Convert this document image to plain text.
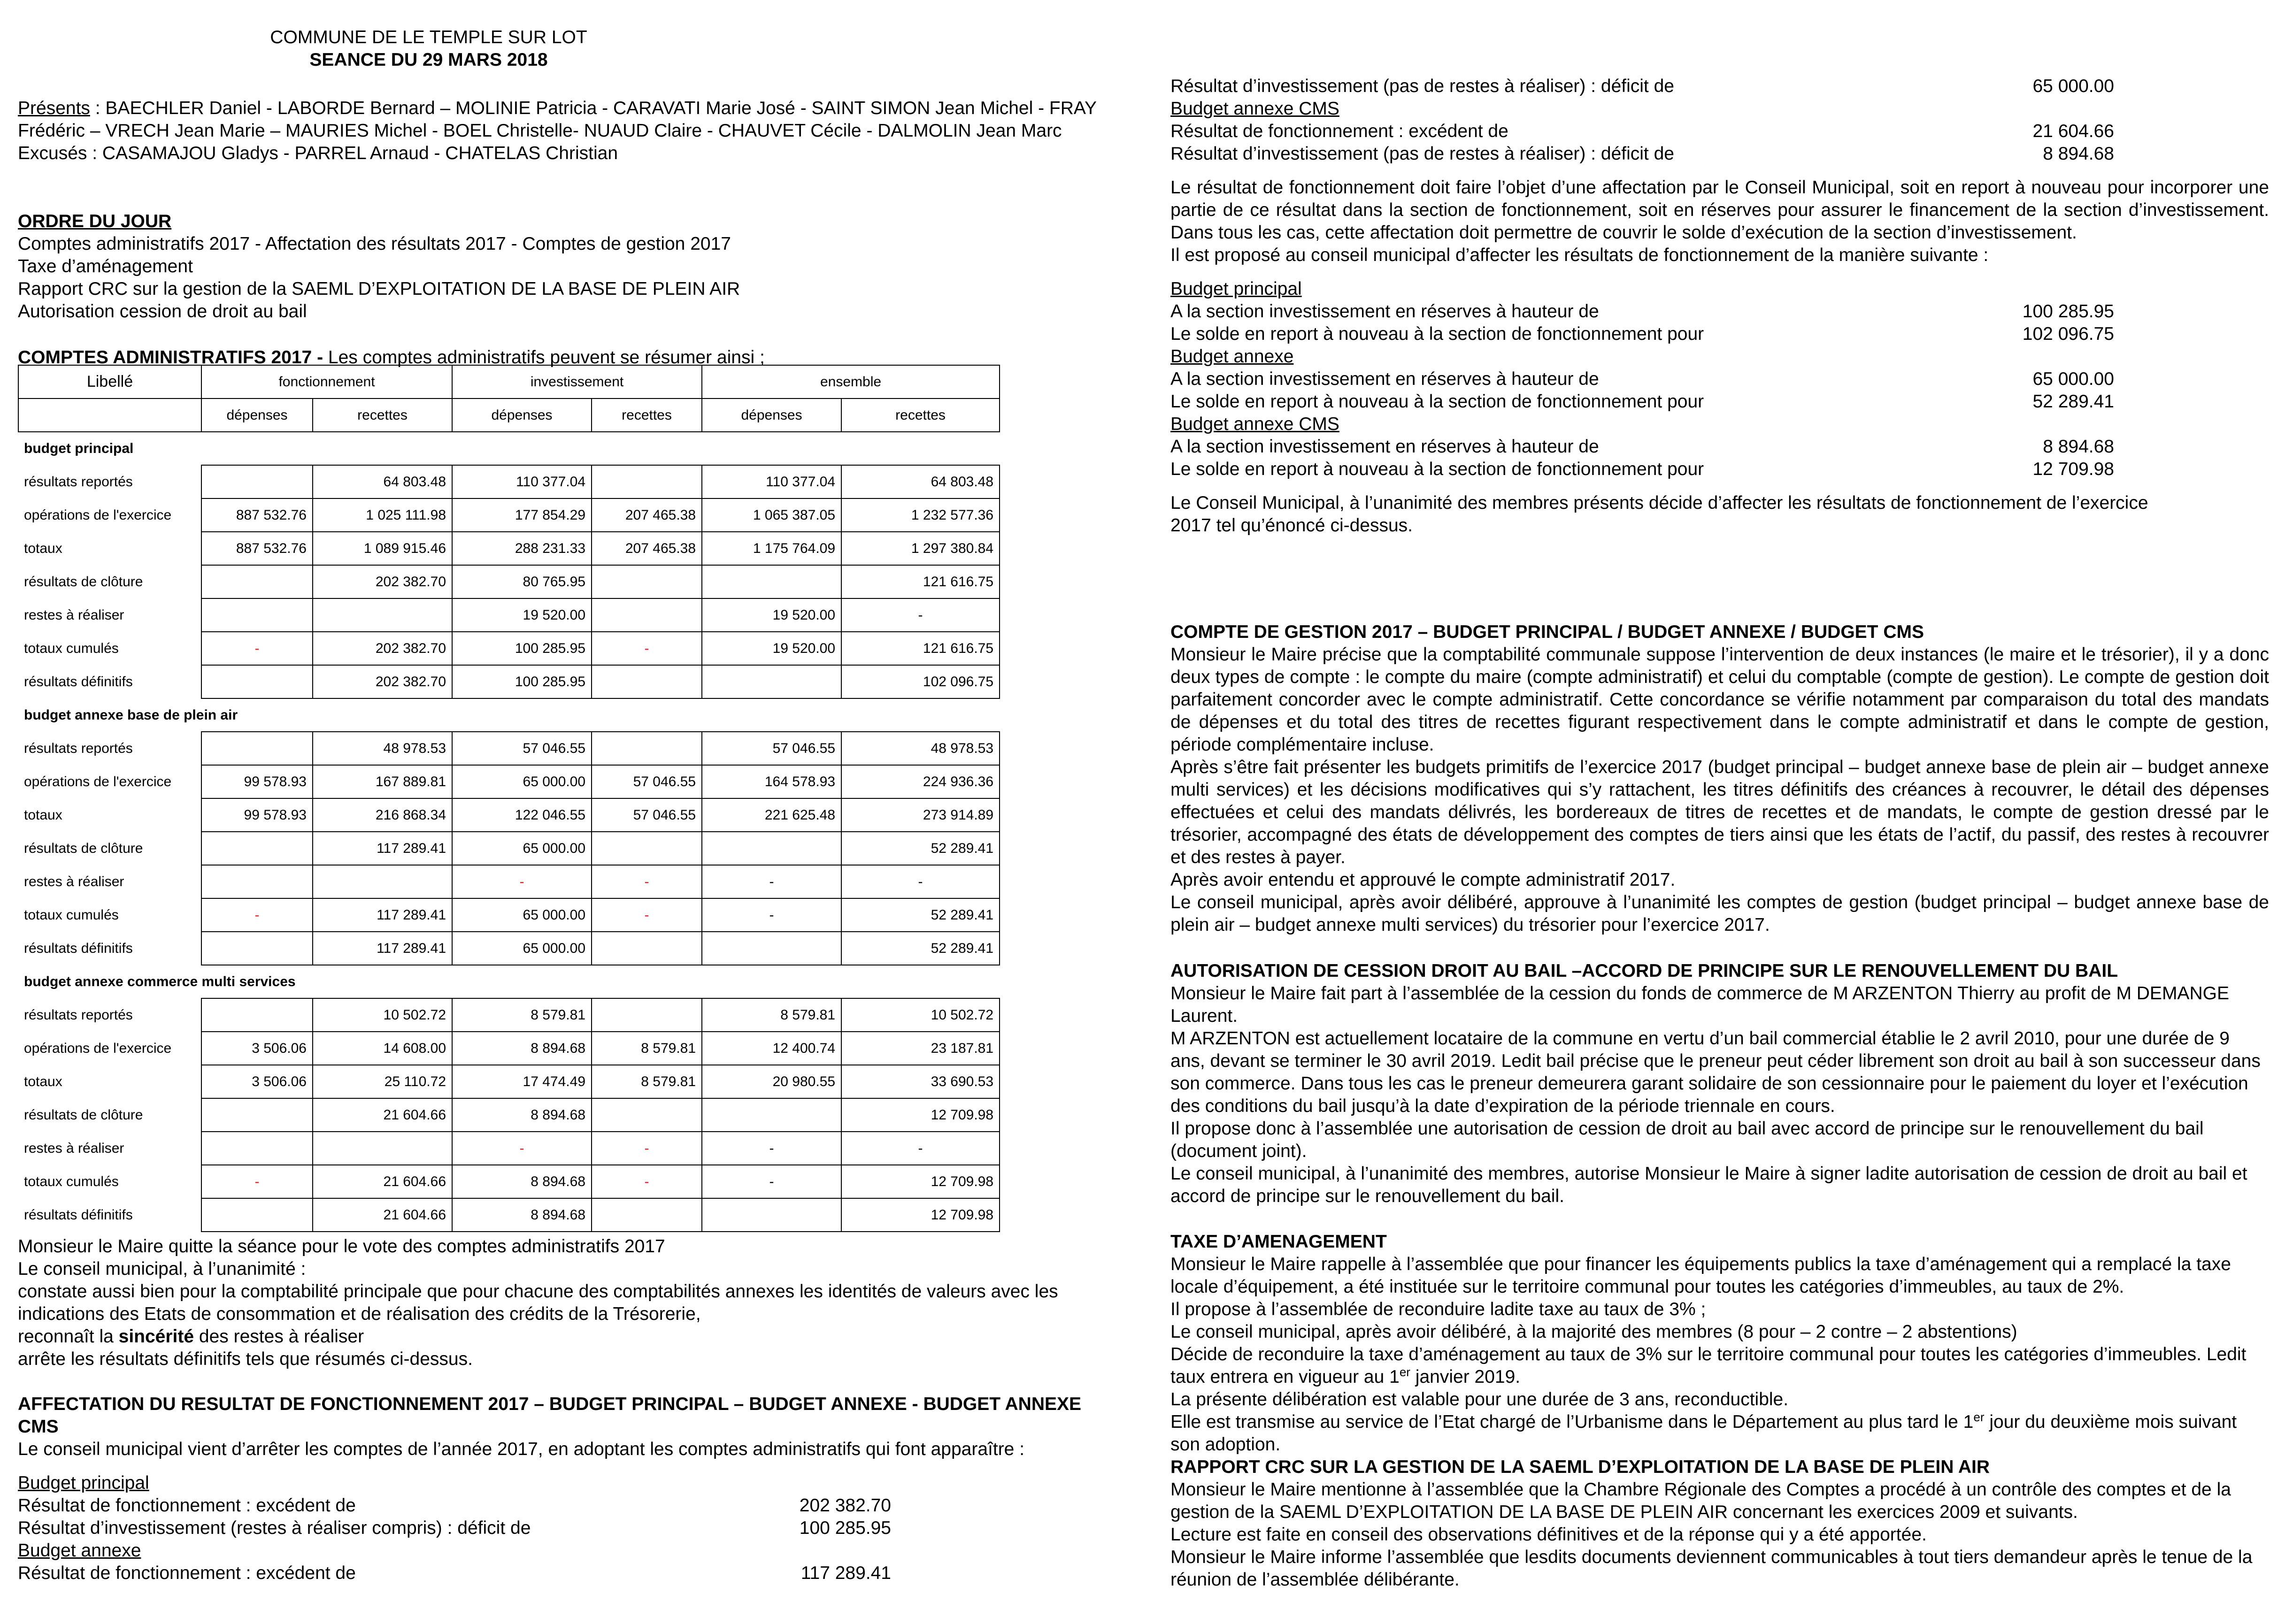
COMMUNE DE LE TEMPLE SUR LOT

SEANCE DU 29 MARS 2018

Présents : BAECHLER Daniel - LABORDE Bernard – MOLINIE Patricia - CARAVATI Marie José - SAINT SIMON Jean Michel - FRAY Frédéric – VRECH Jean Marie – MAURIES Michel - BOEL Christelle- NUAUD Claire - CHAUVET Cécile - DALMOLIN Jean Marc

Excusés : CASAMAJOU Gladys - PARREL Arnaud - CHATELAS Christian

ORDRE DU JOUR

Comptes administratifs 2017 - Affectation des résultats 2017 - Comptes de gestion 2017

Taxe d’aménagement

Rapport CRC sur la gestion de la SAEML D’EXPLOITATION DE LA BASE DE PLEIN AIR

Autorisation cession de droit au bail

COMPTES ADMINISTRATIFS 2017 - Les comptes administratifs peuvent se résumer ainsi ;

Libellé	fonctionnement		investissement		ensemble	
	dépenses	recettes	dépenses	recettes	dépenses	recettes
budget principal						
résultats reportés		64 803.48	110 377.04		110 377.04	64 803.48
opérations de l'exercice	887 532.76	1 025 111.98	177 854.29	207 465.38	1 065 387.05	1 232 577.36
totaux	887 532.76	1 089 915.46	288 231.33	207 465.38	1 175 764.09	1 297 380.84
résultats de clôture		202 382.70	80 765.95			121 616.75
restes à réaliser			19 520.00		19 520.00	-
totaux cumulés	-	202 382.70	100 285.95	-	19 520.00	121 616.75
résultats définitifs		202 382.70	100 285.95			102 096.75
budget annexe base de plein air						
résultats reportés		48 978.53	57 046.55		57 046.55	48 978.53
opérations de l'exercice	99 578.93	167 889.81	65 000.00	57 046.55	164 578.93	224 936.36
totaux	99 578.93	216 868.34	122 046.55	57 046.55	221 625.48	273 914.89
résultats de clôture		117 289.41	65 000.00			52 289.41
restes à réaliser			-	-	-	-
totaux cumulés	-	117 289.41	65 000.00	-	-	52 289.41
résultats définitifs		117 289.41	65 000.00			52 289.41
budget annexe commerce multi services						
résultats reportés		10 502.72	8 579.81		8 579.81	10 502.72
opérations de l'exercice	3 506.06	14 608.00	8 894.68	8 579.81	12 400.74	23 187.81
totaux	3 506.06	25 110.72	17 474.49	8 579.81	20 980.55	33 690.53
résultats de clôture		21 604.66	8 894.68			12 709.98
restes à réaliser			-	-	-	-
totaux cumulés	-	21 604.66	8 894.68	-	-	12 709.98
résultats définitifs		21 604.66	8 894.68			12 709.98

Monsieur le Maire quitte la séance pour le vote des comptes administratifs 2017

Le conseil municipal, à l’unanimité :

constate aussi bien pour la comptabilité principale que pour chacune des comptabilités annexes les identités de valeurs avec les indications des Etats de consommation et de réalisation des crédits de la Trésorerie,

reconnaît la sincérité des restes à réaliser

arrête les résultats définitifs tels que résumés ci-dessus.

AFFECTATION DU RESULTAT DE FONCTIONNEMENT 2017 – BUDGET PRINCIPAL – BUDGET ANNEXE - BUDGET ANNEXE CMS

Le conseil municipal vient d’arrêter les comptes de l’année 2017, en adoptant les comptes administratifs qui font apparaître :

Budget principal

Résultat de fonctionnement : excédent de	202 382.70
Résultat d’investissement (restes à réaliser compris) : déficit de	100 285.95

Budget annexe

Résultat de fonctionnement : excédent de	117 289.41
Résultat d’investissement (pas de restes à réaliser) : déficit de	65 000.00

Budget annexe CMS

Résultat de fonctionnement : excédent de	21 604.66
Résultat d’investissement (pas de restes à réaliser) : déficit de	8 894.68

Le résultat de fonctionnement doit faire l’objet d’une affectation par le Conseil Municipal, soit en report à nouveau pour incorporer une partie de ce résultat dans la section de fonctionnement, soit en réserves pour assurer le financement de la section d’investissement. Dans tous les cas, cette affectation doit permettre de couvrir le solde d’exécution de la section d’investissement.

Il est proposé au conseil municipal d’affecter les résultats de fonctionnement de la manière suivante :

Budget principal

A la section investissement en réserves à hauteur de	100 285.95
Le solde en report à nouveau à la section de fonctionnement pour	102 096.75

Budget annexe

A la section investissement en réserves à hauteur de	65 000.00
Le solde en report à nouveau à la section de fonctionnement pour	52 289.41

Budget annexe CMS

A la section investissement en réserves à hauteur de	8 894.68
Le solde en report à nouveau à la section de fonctionnement pour	12 709.98

Le Conseil Municipal, à l’unanimité des membres présents décide d’affecter les résultats de fonctionnement de l’exercice 2017 tel qu’énoncé ci-dessus.

COMPTE DE GESTION 2017 – BUDGET PRINCIPAL / BUDGET ANNEXE / BUDGET CMS

Monsieur le Maire précise que la comptabilité communale suppose l’intervention de deux instances (le maire et le trésorier), il y a donc deux types de compte : le compte du maire (compte administratif) et celui du comptable (compte de gestion). Le compte de gestion doit parfaitement concorder avec le compte administratif. Cette concordance se vérifie notamment par comparaison du total des mandats de dépenses et du total des titres de recettes figurant respectivement dans le compte administratif et dans le compte de gestion, période complémentaire incluse.

Après s’être fait présenter les budgets primitifs de l’exercice 2017 (budget principal – budget annexe base de plein air – budget annexe multi services) et les décisions modificatives qui s’y rattachent, les titres définitifs des créances à recouvrer, le détail des dépenses effectuées et celui des mandats délivrés, les bordereaux de titres de recettes et de mandats, le compte de gestion dressé par le trésorier, accompagné des états de développement des comptes de tiers ainsi que les états de l’actif, du passif, des restes à recouvrer et des restes à payer.

Après avoir entendu et approuvé le compte administratif 2017.

Le conseil municipal, après avoir délibéré, approuve à l’unanimité les comptes de gestion (budget principal – budget annexe base de plein air – budget annexe multi services) du trésorier pour l’exercice 2017.

AUTORISATION DE CESSION DROIT AU BAIL –ACCORD DE PRINCIPE SUR LE RENOUVELLEMENT DU BAIL

Monsieur le Maire fait part à l’assemblée de la cession du fonds de commerce de M ARZENTON Thierry au profit de M DEMANGE Laurent.

M ARZENTON est actuellement locataire de la commune en vertu d’un bail commercial établie le 2 avril 2010, pour une durée de 9 ans, devant se terminer le 30 avril 2019. Ledit bail précise que le preneur peut céder librement son droit au bail à son successeur dans son commerce. Dans tous les cas le preneur demeurera garant solidaire de son cessionnaire pour le paiement du loyer et l’exécution des conditions du bail jusqu’à la date d’expiration de la période triennale en cours.

Il propose donc à l’assemblée une autorisation de cession de droit au bail avec accord de principe sur le renouvellement du bail (document joint).

Le conseil municipal, à l’unanimité des membres, autorise Monsieur le Maire à signer ladite autorisation de cession de droit au bail et accord de principe sur le renouvellement du bail.

TAXE D’AMENAGEMENT

Monsieur le Maire rappelle à l’assemblée que pour financer les équipements publics la taxe d’aménagement qui a remplacé la taxe locale d’équipement, a été instituée sur le territoire communal pour toutes les catégories d’immeubles, au taux de 2%.

Il propose à l’assemblée de reconduire ladite taxe au taux de 3% ;

Le conseil municipal, après avoir délibéré, à la majorité des membres (8 pour – 2 contre – 2 abstentions)

Décide de reconduire la taxe d’aménagement au taux de 3% sur le territoire communal pour toutes les catégories d’immeubles. Ledit taux entrera en vigueur au 1er janvier 2019.

La présente délibération est valable pour une durée de 3 ans, reconductible.

Elle est transmise au service de l’Etat chargé de l’Urbanisme dans le Département au plus tard le 1er jour du deuxième mois suivant son adoption.

RAPPORT CRC SUR LA GESTION DE LA SAEML D’EXPLOITATION DE LA BASE DE PLEIN AIR

Monsieur le Maire mentionne à l’assemblée que la Chambre Régionale des Comptes a procédé à un contrôle des comptes et de la gestion de la SAEML D’EXPLOITATION DE LA BASE DE PLEIN AIR concernant les exercices 2009 et suivants.

Lecture est faite en conseil des observations définitives et de la réponse qui y a été apportée.

Monsieur le Maire informe l’assemblée que lesdits documents deviennent communicables à tout tiers demandeur après le tenue de la réunion de l’assemblée délibérante.
